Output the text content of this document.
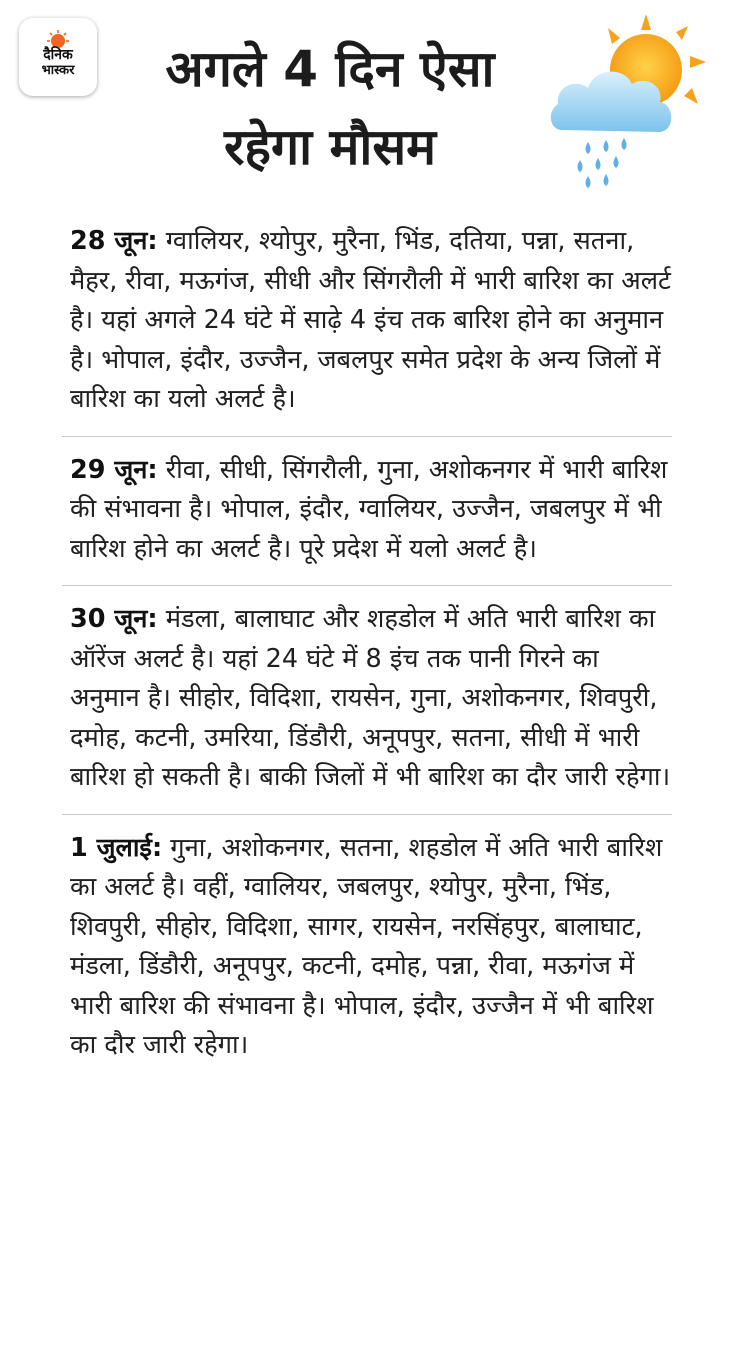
दैनिक
भास्कर	अगले 4 दिन ऐसा
रहेगा मौसम
28 जून: ग्वालियर, श्योपुर, मुरैना, भिंड, दतिया, पन्ना, सतना, मैहर, रीवा, मऊगंज, सीधी और सिंगरौली में भारी बारिश का अलर्ट है। यहां अगले 24 घंटे में साढ़े 4 इंच तक बारिश होने का अनुमान है। भोपाल, इंदौर, उज्जैन, जबलपुर समेत प्रदेश के अन्य जिलों में बारिश का यलो अलर्ट है।
29 जून: रीवा, सीधी, सिंगरौली, गुना, अशोकनगर में भारी बारिश की संभावना है। भोपाल, इंदौर, ग्वालियर, उज्जैन, जबलपुर में भी बारिश होने का अलर्ट है। पूरे प्रदेश में यलो अलर्ट है।
30 जून: मंडला, बालाघाट और शहडोल में अति भारी बारिश का ऑरेंज अलर्ट है। यहां 24 घंटे में 8 इंच तक पानी गिरने का अनुमान है। सीहोर, विदिशा, रायसेन, गुना, अशोकनगर, शिवपुरी, दमोह, कटनी, उमरिया, डिंडौरी, अनूपपुर, सतना, सीधी में भारी बारिश हो सकती है। बाकी जिलों में भी बारिश का दौर जारी रहेगा।
1 जुलाई: गुना, अशोकनगर, सतना, शहडोल में अति भारी बारिश का अलर्ट है। वहीं, ग्वालियर, जबलपुर, श्योपुर, मुरैना, भिंड, शिवपुरी, सीहोर, विदिशा, सागर, रायसेन, नरसिंहपुर, बालाघाट, मंडला, डिंडौरी, अनूपपुर, कटनी, दमोह, पन्ना, रीवा, मऊगंज में भारी बारिश की संभावना है। भोपाल, इंदौर, उज्जैन में भी बारिश का दौर जारी रहेगा।
